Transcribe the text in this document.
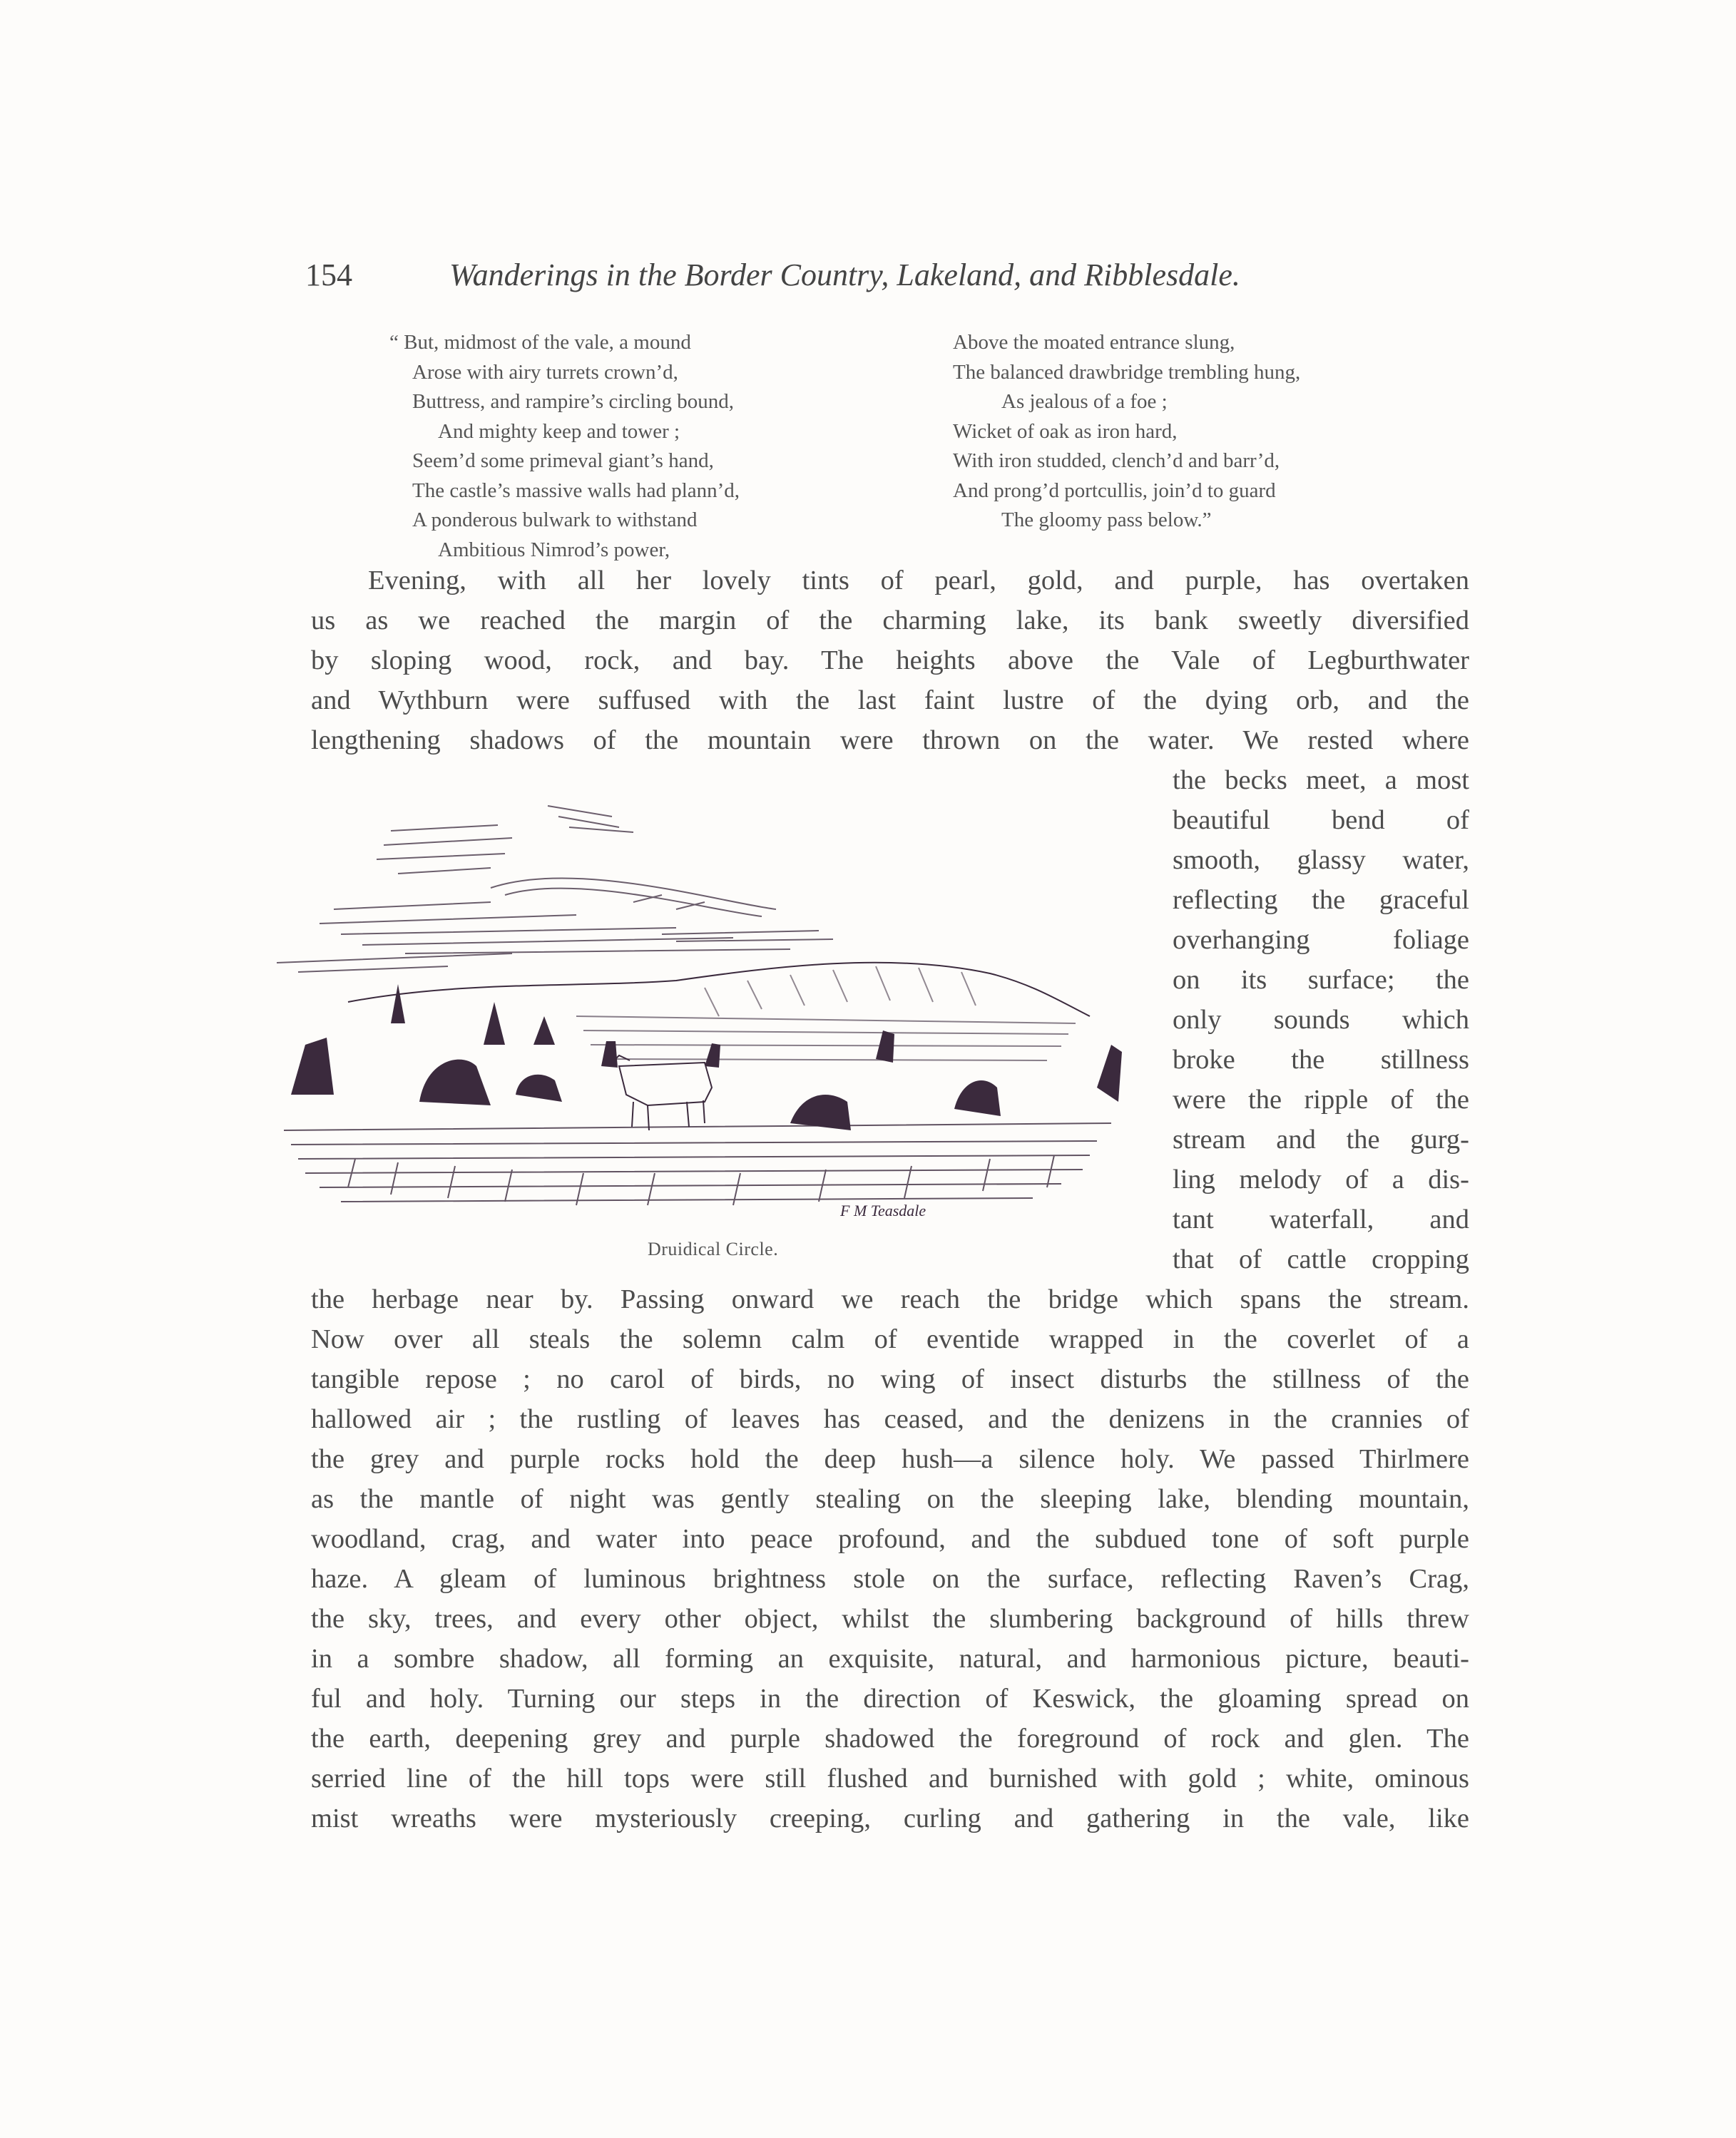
154	Wanderings in the Border Country, Lakeland, and Ribblesdale.
“ But, midmost of the vale, a mound
Arose with airy turrets crown’d,
Buttress, and rampire’s circling bound,
And mighty keep and tower ;
Seem’d some primeval giant’s hand,
The castle’s massive walls had plann’d,
A ponderous bulwark to withstand
Ambitious Nimrod’s power,
Above the moated entrance slung,
The balanced drawbridge trembling hung,
As jealous of a foe ;
Wicket of oak as iron hard,
With iron studded, clench’d and barr’d,
And prong’d portcullis, join’d to guard
The gloomy pass below.”
Evening, with all her lovely tints of pearl, gold, and purple, has overtaken
us as we reached the margin of the charming lake, its bank sweetly diversified
by sloping wood, rock, and bay. The heights above the Vale of Legburthwater
and Wythburn were suffused with the last faint lustre of the dying orb, and the
lengthening shadows of the mountain were thrown on the water. We rested where
the becks meet, a most
beautiful bend of
smooth, glassy water,
reflecting the graceful
overhanging foliage
on its surface; the
only sounds which
broke the stillness
were the ripple of the
stream and the gurg-
ling melody of a dis-
tant waterfall, and
that of cattle cropping
the herbage near by. Passing onward we reach the bridge which spans the stream.
Now over all steals the solemn calm of eventide wrapped in the coverlet of a
tangible repose ; no carol of birds, no wing of insect disturbs the stillness of the
hallowed air ; the rustling of leaves has ceased, and the denizens in the crannies of
the grey and purple rocks hold the deep hush—a silence holy. We passed Thirlmere
as the mantle of night was gently stealing on the sleeping lake, blending mountain,
woodland, crag, and water into peace profound, and the subdued tone of soft purple
haze. A gleam of luminous brightness stole on the surface, reflecting Raven’s Crag,
the sky, trees, and every other object, whilst the slumbering background of hills threw
in a sombre shadow, all forming an exquisite, natural, and harmonious picture, beauti-
ful and holy. Turning our steps in the direction of Keswick, the gloaming spread on
the earth, deepening grey and purple shadowed the foreground of rock and glen. The
serried line of the hill tops were still flushed and burnished with gold ; white, ominous
mist wreaths were mysteriously creeping, curling and gathering in the vale, like
F M Teasdale
Druidical Circle.
